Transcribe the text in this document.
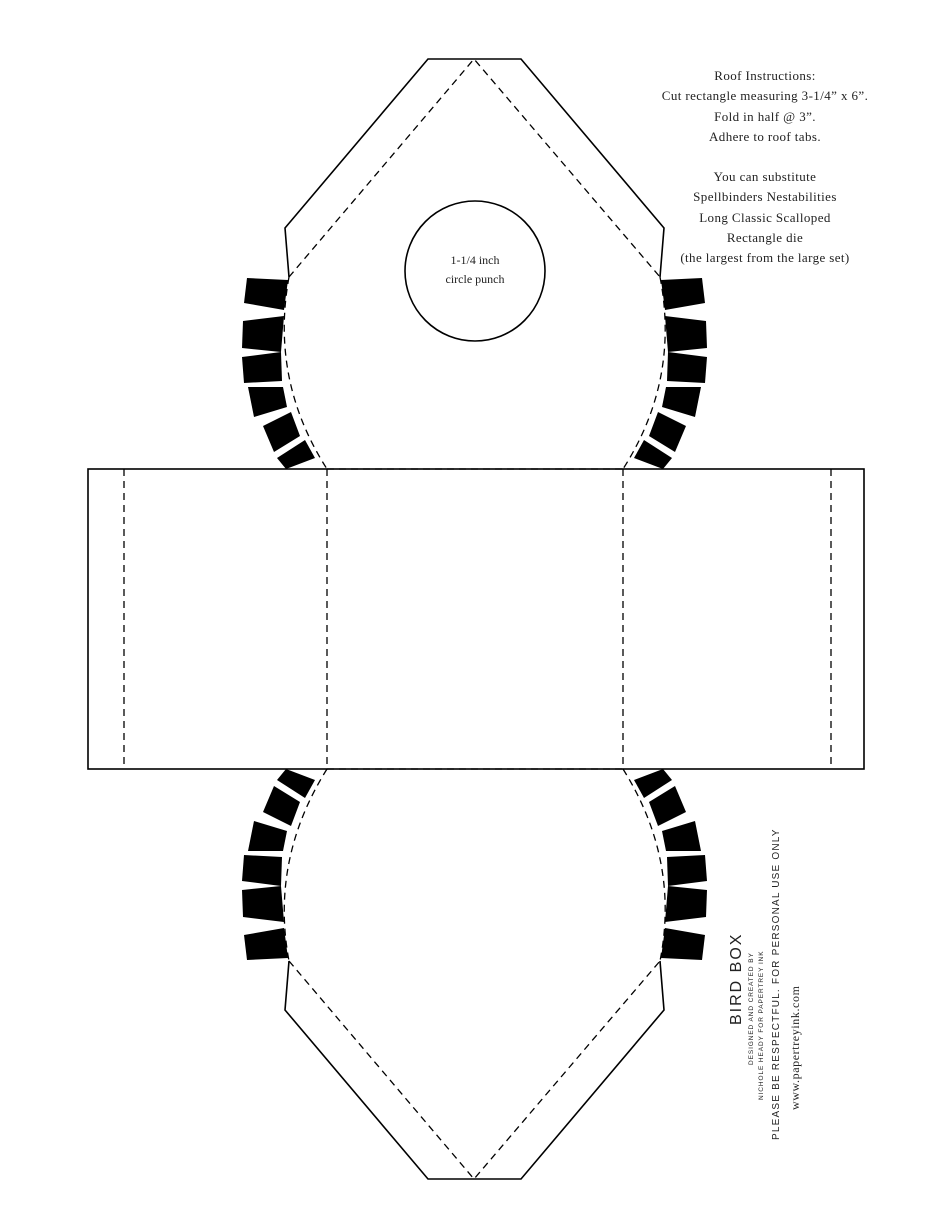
Roof Instructions:
Cut rectangle measuring 3-1/4” x 6”.
Fold in half @ 3”.
Adhere to roof tabs.
You can substitute
Spellbinders Nestabilities
Long Classic Scalloped
Rectangle die
(the largest from the large set)
1-1/4 inch
circle punch
BIRD BOX DESIGNED AND CREATED BY NICHOLE HEADY FOR PAPERTREY INK PLEASE BE RESPECTFUL. FOR PERSONAL USE ONLY www.papertreyink.com
